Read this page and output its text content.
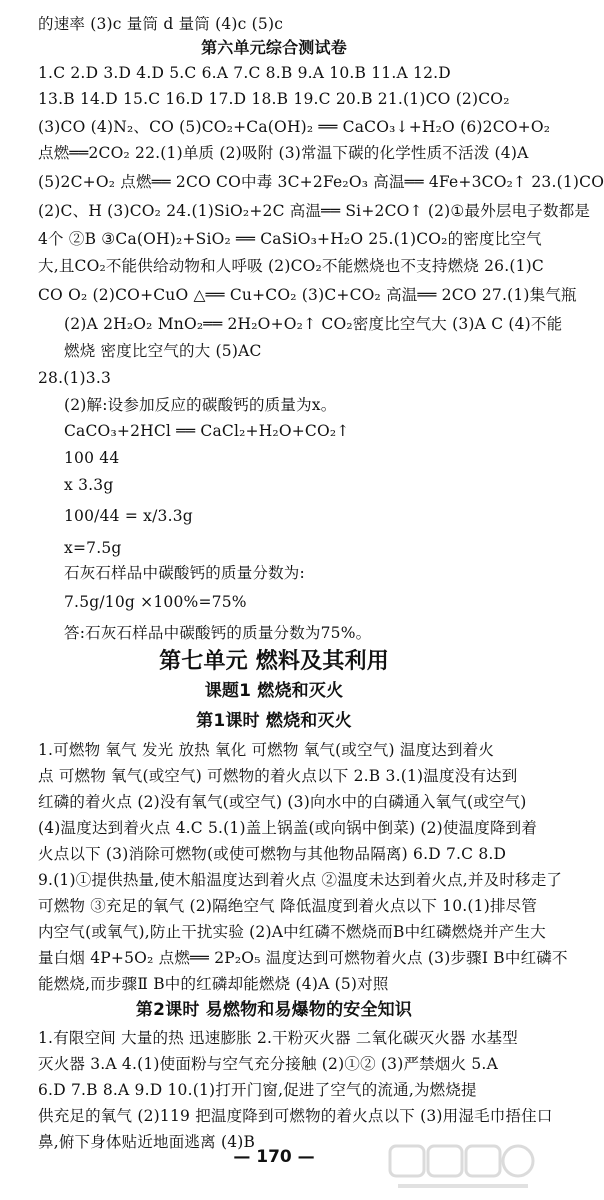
的速率 (3)c 量筒 d 量筒 (4)c (5)c
第六单元综合测试卷
1.C 2.D 3.D 4.D 5.C 6.A 7.C 8.B 9.A 10.B 11.A 12.D
13.B 14.D 15.C 16.D 17.D 18.B 19.C 20.B 21.(1)CO (2)CO₂
(3)CO (4)N₂、CO (5)CO₂+Ca(OH)₂ ══ CaCO₃↓+H₂O (6)2CO+O₂
点燃══2CO₂ 22.(1)单质 (2)吸附 (3)常温下碳的化学性质不活泼 (4)A
(5)2C+O₂ 点燃══ 2CO CO中毒 3C+2Fe₂O₃ 高温══ 4Fe+3CO₂↑ 23.(1)CO
(2)C、H (3)CO₂ 24.(1)SiO₂+2C 高温══ Si+2CO↑ (2)①最外层电子数都是
4个 ②B ③Ca(OH)₂+SiO₂ ══ CaSiO₃+H₂O 25.(1)CO₂的密度比空气
大,且CO₂不能供给动物和人呼吸 (2)CO₂不能燃烧也不支持燃烧 26.(1)C
CO O₂ (2)CO+CuO △══ Cu+CO₂ (3)C+CO₂ 高温══ 2CO 27.(1)集气瓶
(2)A 2H₂O₂ MnO₂══ 2H₂O+O₂↑ CO₂密度比空气大 (3)A C (4)不能
燃烧 密度比空气的大 (5)AC
28.(1)3.3
(2)解:设参加反应的碳酸钙的质量为x。
CaCO₃+2HCl ══ CaCl₂+H₂O+CO₂↑
100 44
x 3.3g
100/44 = x/3.3g
x=7.5g
石灰石样品中碳酸钙的质量分数为:
7.5g/10g ×100%=75%
答:石灰石样品中碳酸钙的质量分数为75%。
第七单元 燃料及其利用
课题1 燃烧和灭火
第1课时 燃烧和灭火
1.可燃物 氧气 发光 放热 氧化 可燃物 氧气(或空气) 温度达到着火
点 可燃物 氧气(或空气) 可燃物的着火点以下 2.B 3.(1)温度没有达到
红磷的着火点 (2)没有氧气(或空气) (3)向水中的白磷通入氧气(或空气)
(4)温度达到着火点 4.C 5.(1)盖上锅盖(或向锅中倒菜) (2)使温度降到着
火点以下 (3)消除可燃物(或使可燃物与其他物品隔离) 6.D 7.C 8.D
9.(1)①提供热量,使木船温度达到着火点 ②温度未达到着火点,并及时移走了
可燃物 ③充足的氧气 (2)隔绝空气 降低温度到着火点以下 10.(1)排尽管
内空气(或氧气),防止干扰实验 (2)A中红磷不燃烧而B中红磷燃烧并产生大
量白烟 4P+5O₂ 点燃══ 2P₂O₅ 温度达到可燃物着火点 (3)步骤Ⅰ B中红磷不
能燃烧,而步骤Ⅱ B中的红磷却能燃烧 (4)A (5)对照
第2课时 易燃物和易爆物的安全知识
1.有限空间 大量的热 迅速膨胀 2.干粉灭火器 二氧化碳灭火器 水基型
灭火器 3.A 4.(1)使面粉与空气充分接触 (2)①② (3)严禁烟火 5.A
6.D 7.B 8.A 9.D 10.(1)打开门窗,促进了空气的流通,为燃烧提
供充足的氧气 (2)119 把温度降到可燃物的着火点以下 (3)用湿毛巾捂住口
鼻,俯下身体贴近地面逃离 (4)B
— 170 —
